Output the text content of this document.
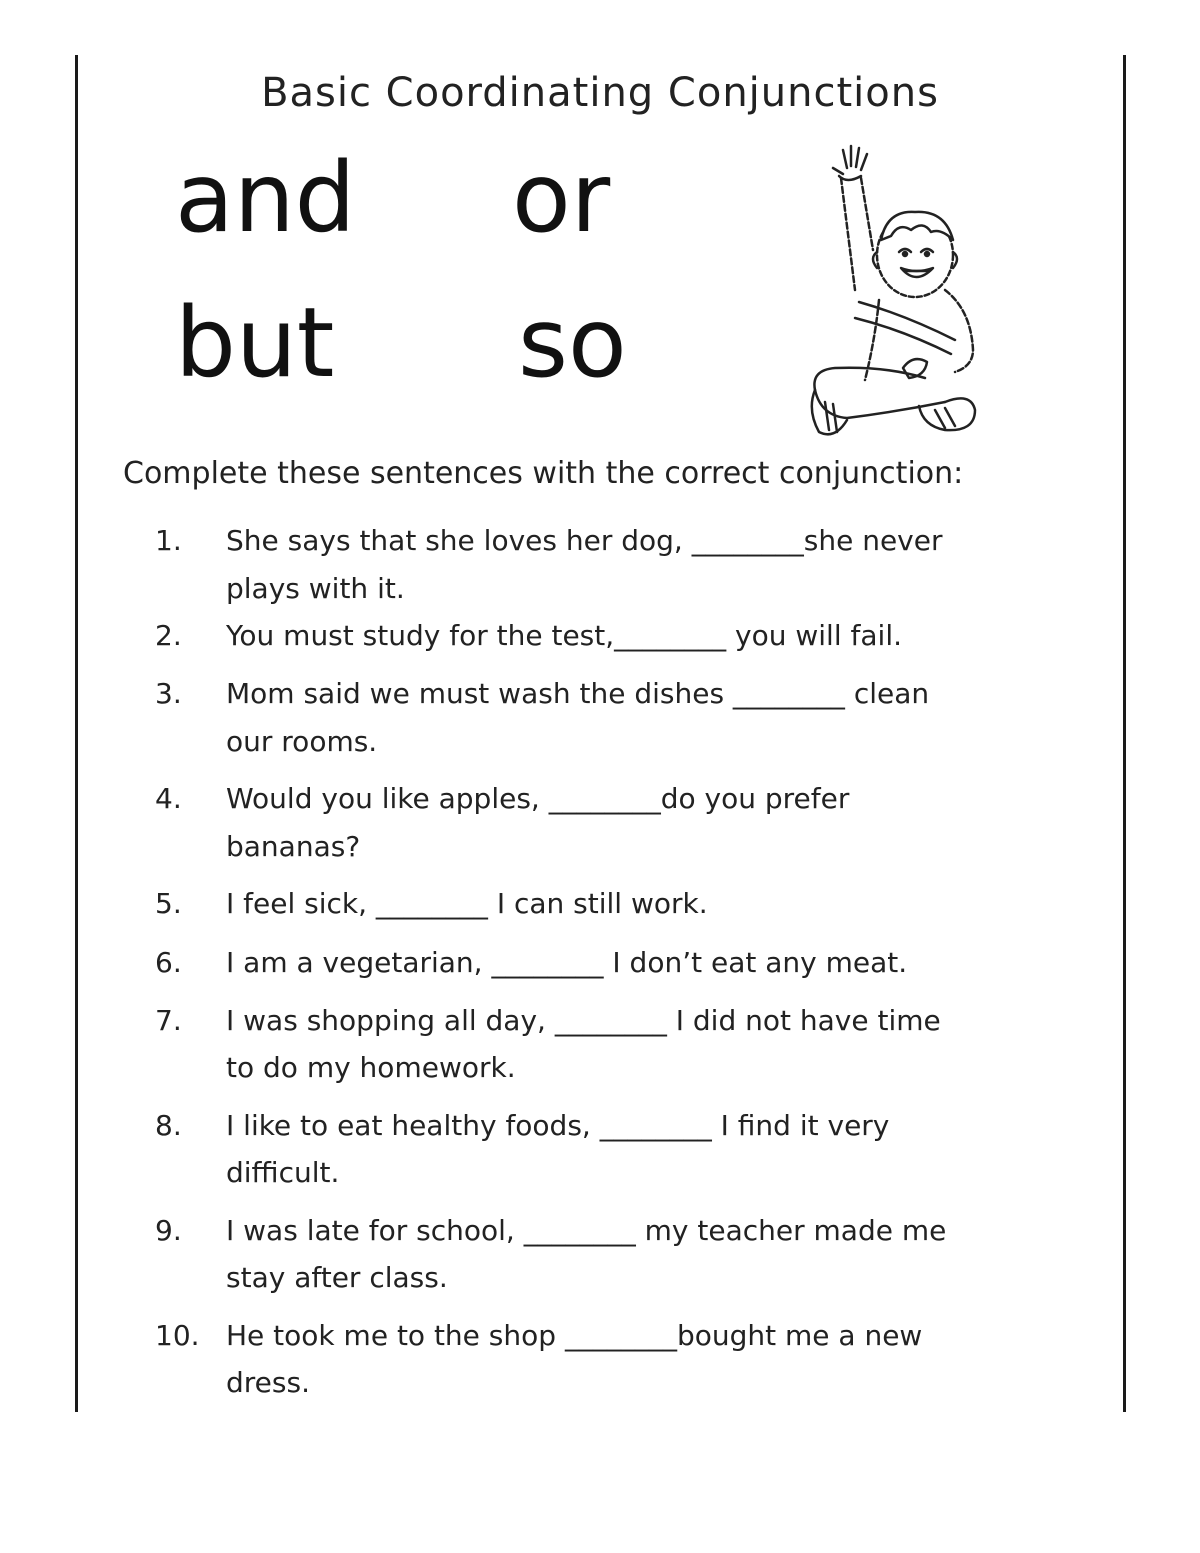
Basic Coordinating Conjunctions
and or
but so
Complete these sentences with the correct conjunction:
1.	She says that she loves her dog, ________she never
plays with it.
2.	You must study for the test,________ you will fail.
3.	Mom said we must wash the dishes ________ clean
our rooms.
4.	Would you like apples, ________do you prefer
bananas?
5.	I feel sick, ________ I can still work.
6.	I am a vegetarian, ________ I don’t eat any meat.
7.	I was shopping all day, ________ I did not have time
to do my homework.
8.	I like to eat healthy foods, ________ I find it very
difficult.
9.	I was late for school, ________ my teacher made me
stay after class.
10. He took me to the shop ________bought me a new
dress.
